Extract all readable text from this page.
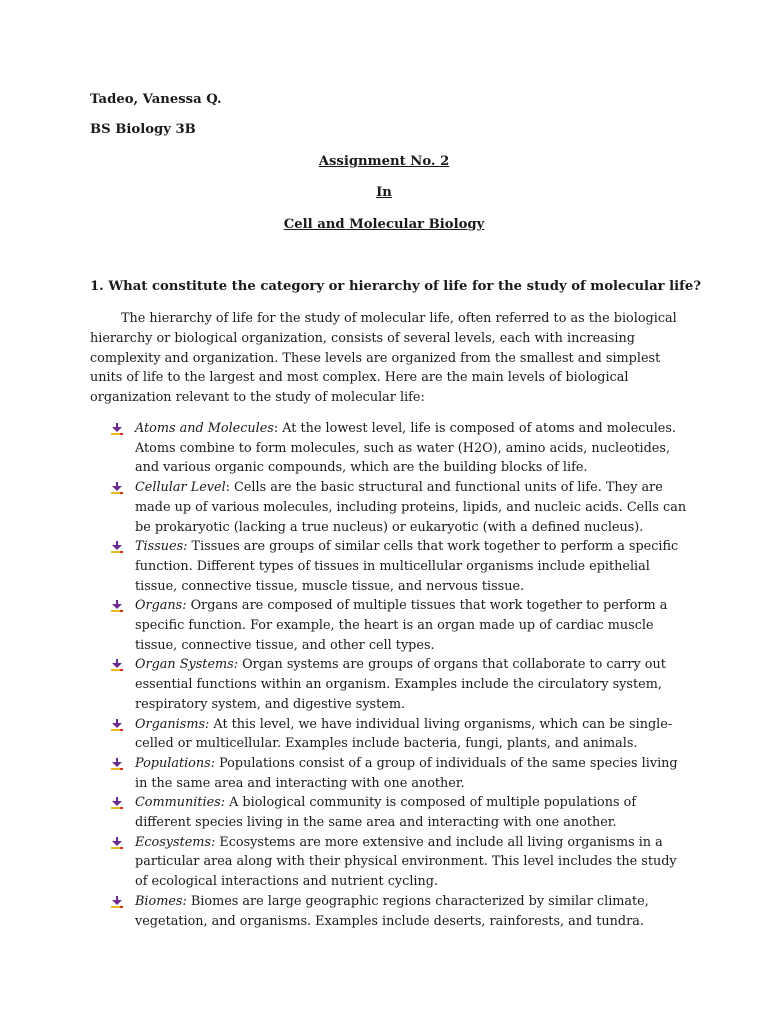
Tadeo, Vanessa Q.
BS Biology 3B
Assignment No. 2
In
Cell and Molecular Biology
1. What constitute the category or hierarchy of life for the study of molecular life?

The hierarchy of life for the study of molecular life, often referred to as the biological hierarchy or biological organization, consists of several levels, each with increasing complexity and organization. These levels are organized from the smallest and simplest units of life to the largest and most complex. Here are the main levels of biological organization relevant to the study of molecular life:

Atoms and Molecules: At the lowest level, life is composed of atoms and molecules. Atoms combine to form molecules, such as water (H2O), amino acids, nucleotides, and various organic compounds, which are the building blocks of life.
Cellular Level: Cells are the basic structural and functional units of life. They are made up of various molecules, including proteins, lipids, and nucleic acids. Cells can be prokaryotic (lacking a true nucleus) or eukaryotic (with a defined nucleus).
Tissues: Tissues are groups of similar cells that work together to perform a specific function. Different types of tissues in multicellular organisms include epithelial tissue, connective tissue, muscle tissue, and nervous tissue.
Organs: Organs are composed of multiple tissues that work together to perform a specific function. For example, the heart is an organ made up of cardiac muscle tissue, connective tissue, and other cell types.
Organ Systems: Organ systems are groups of organs that collaborate to carry out essential functions within an organism. Examples include the circulatory system, respiratory system, and digestive system.
Organisms: At this level, we have individual living organisms, which can be single-celled or multicellular. Examples include bacteria, fungi, plants, and animals.
Populations: Populations consist of a group of individuals of the same species living in the same area and interacting with one another.
Communities: A biological community is composed of multiple populations of different species living in the same area and interacting with one another.
Ecosystems: Ecosystems are more extensive and include all living organisms in a particular area along with their physical environment. This level includes the study of ecological interactions and nutrient cycling.
Biomes: Biomes are large geographic regions characterized by similar climate, vegetation, and organisms. Examples include deserts, rainforests, and tundra.
